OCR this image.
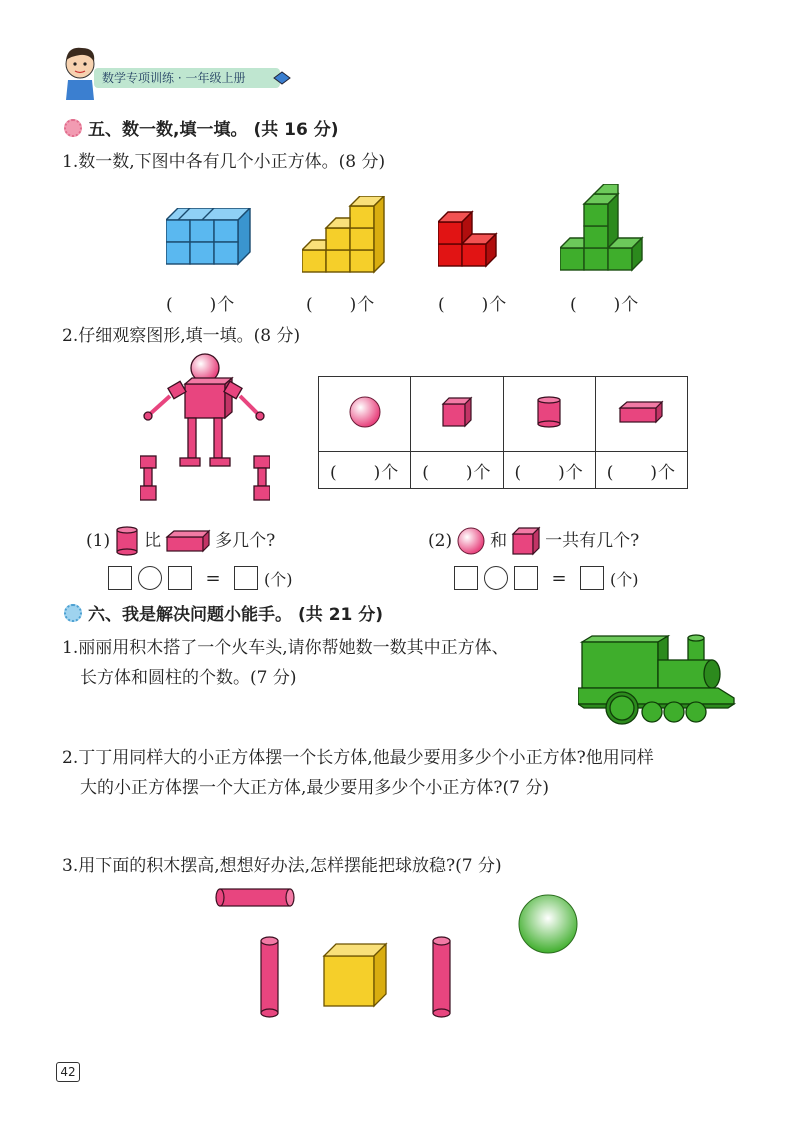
数学专项训练 · 一年级上册
五、数一数,填一填。 (共 16 分)
1.数一数,下图中各有几个小正方体。(8 分)
(　　)个	(　　)个	(　　)个	(　　)个
2.仔细观察图形,填一填。(8 分)

(　　)个	(　　)个	(　　)个	(　　)个
(1) 比	多几个?
=	(个)
(2) 和 一共有几个?
=	(个)
六、我是解决问题小能手。 (共 21 分)
1.丽丽用积木搭了一个火车头,请你帮她数一数其中正方体、
长方体和圆柱的个数。(7 分)
2.丁丁用同样大的小正方体摆一个长方体,他最少要用多少个小正方体?他用同样
大的小正方体摆一个大正方体,最少要用多少个小正方体?(7 分)
3.用下面的积木摆高,想想好办法,怎样摆能把球放稳?(7 分)
42
